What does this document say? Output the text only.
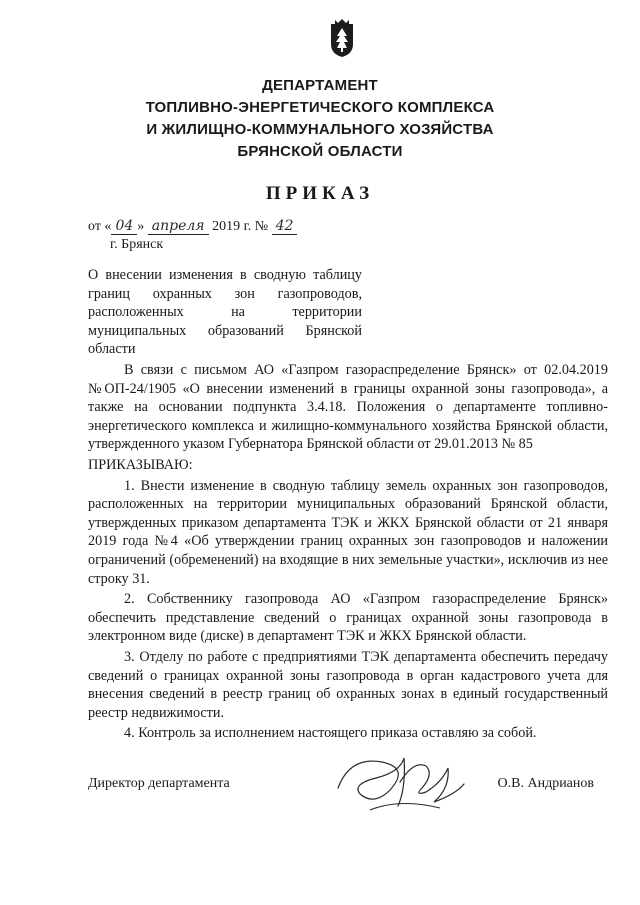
ДЕПАРТАМЕНТ
ТОПЛИВНО-ЭНЕРГЕТИЧЕСКОГО КОМПЛЕКСА
И ЖИЛИЩНО-КОММУНАЛЬНОГО ХОЗЯЙСТВА
БРЯНСКОЙ ОБЛАСТИ
ПРИКАЗ
от « 04 » апреля 2019 г. № 42
г. Брянск
О внесении изменения в сводную таблицу
границ охранных зон газопроводов,
расположенных на территории
муниципальных образований Брянской
области

В связи с письмом АО «Газпром газораспределение Брянск» от 02.04.2019 №ОП-24/1905 «О внесении изменений в границы охранной зоны газопровода», а также на основании подпункта 3.4.18. Положения о департаменте топливно-энергетического комплекса и жилищно-коммунального хозяйства Брянской области, утвержденного указом Губернатора Брянской области от 29.01.2013 № 85

ПРИКАЗЫВАЮ:

1. Внести изменение в сводную таблицу земель охранных зон газопроводов, расположенных на территории муниципальных образований Брянской области, утвержденных приказом департамента ТЭК и ЖКХ Брянской области от 21 января 2019 года №4 «Об утверждении границ охранных зон газопроводов и наложении ограничений (обременений) на входящие в них земельные участки», исключив из нее строку 31.

2. Собственнику газопровода АО «Газпром газораспределение Брянск» обеспечить представление сведений о границах охранной зоны газопровода в электронном виде (диске) в департамент ТЭК и ЖКХ Брянской области.

3. Отделу по работе с предприятиями ТЭК департамента обеспечить передачу сведений о границах охранной зоны газопровода в орган кадастрового учета для внесения сведений в реестр границ об охранных зонах в единый государственный реестр недвижимости.

4. Контроль за исполнением настоящего приказа оставляю за собой.

Директор департамента	О.В. Андрианов
